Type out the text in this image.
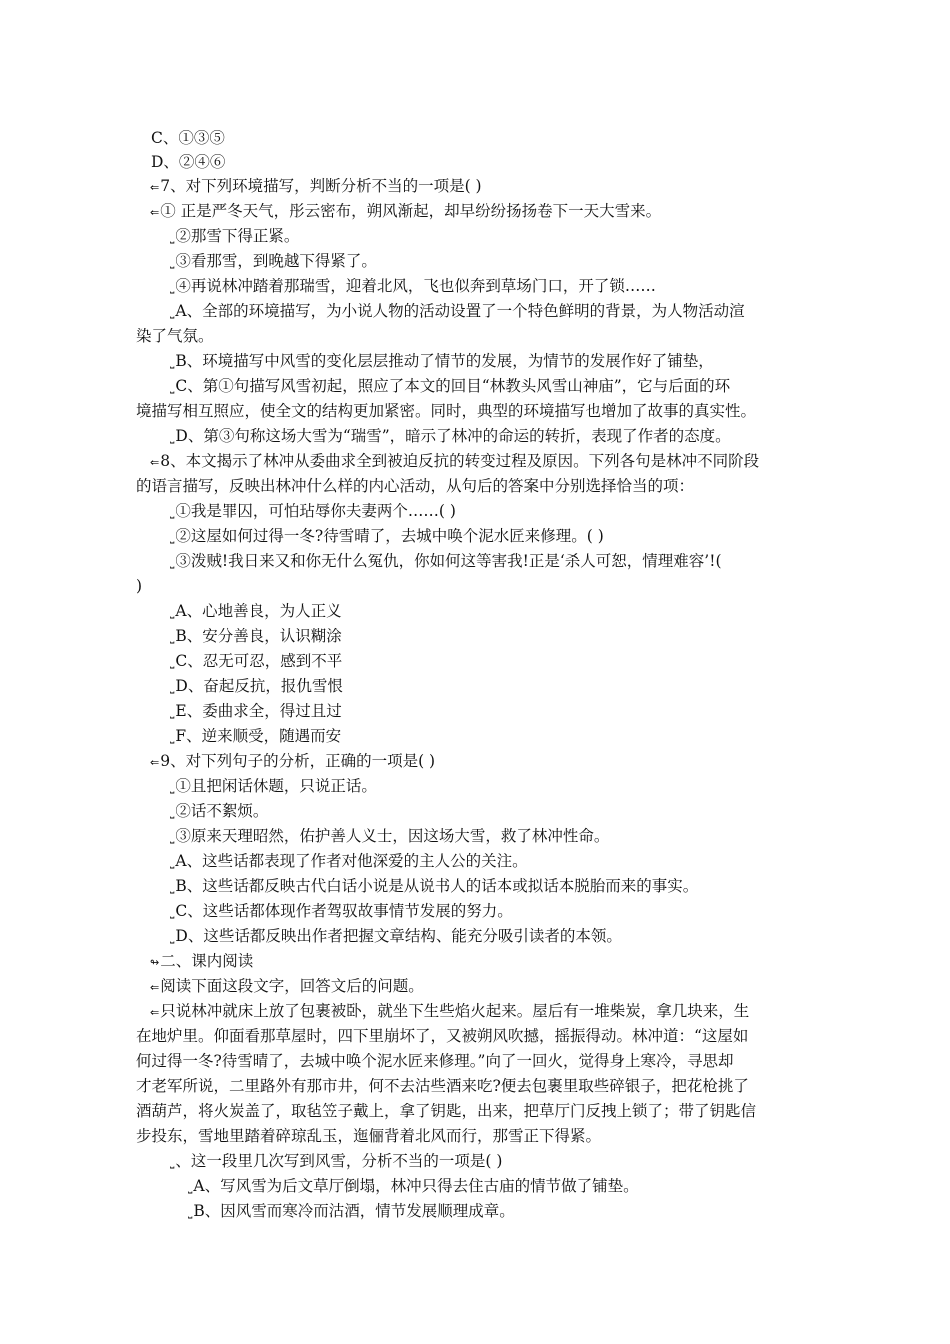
C、①③⑤
D、②④⑥
⇐7、对下列环境描写，判断分析不当的一项是( )
⇐① 正是严冬天气，彤云密布，朔风渐起，却早纷纷扬扬卷下一天大雪来。
⎵②那雪下得正紧。
⎵③看那雪，到晚越下得紧了。
⎵④再说林冲踏着那瑞雪，迎着北风，飞也似奔到草场门口，开了锁……
⎵A、全部的环境描写，为小说人物的活动设置了一个特色鲜明的背景，为人物活动渲
染了气氛。
⎵B、环境描写中风雪的变化层层推动了情节的发展，为情节的发展作好了铺垫，
⎵C、第①句描写风雪初起，照应了本文的回目“林教头风雪山神庙”，它与后面的环
境描写相互照应，使全文的结构更加紧密。同时，典型的环境描写也增加了故事的真实性。
⎵D、第③句称这场大雪为“瑞雪”，暗示了林冲的命运的转折，表现了作者的态度。
⇐8、本文揭示了林冲从委曲求全到被迫反抗的转变过程及原因。下列各句是林冲不同阶段
的语言描写，反映出林冲什么样的内心活动，从句后的答案中分别选择恰当的项：
⎵①我是罪囚，可怕玷辱你夫妻两个……( )
⎵②这屋如何过得一冬?待雪晴了，去城中唤个泥水匠来修理。( )
⎵③泼贼!我日来又和你无什么冤仇，你如何这等害我!正是‘杀人可恕，情理难容’!(
)
⎵A、心地善良，为人正义
⎵B、安分善良，认识糊涂
⎵C、忍无可忍，感到不平
⎵D、奋起反抗，报仇雪恨
⎵E、委曲求全，得过且过
⎵F、逆来顺受，随遇而安
⇐9、对下列句子的分析，正确的一项是( )
⎵①且把闲话休题，只说正话。
⎵②话不絮烦。
⎵③原来天理昭然，佑护善人义士，因这场大雪，救了林冲性命。
⎵A、这些话都表现了作者对他深爱的主人公的关注。
⎵B、这些话都反映古代白话小说是从说书人的话本或拟话本脱胎而来的事实。
⎵C、这些话都体现作者驾驭故事情节发展的努力。
⎵D、这些话都反映出作者把握文章结构、能充分吸引读者的本领。
↬二、课内阅读
⇐阅读下面这段文字，回答文后的问题。
⇐只说林冲就床上放了包裹被卧，就坐下生些焰火起来。屋后有一堆柴炭，拿几块来，生
在地炉里。仰面看那草屋时，四下里崩坏了，又被朔风吹撼，摇振得动。林冲道：“这屋如
何过得一冬?待雪晴了，去城中唤个泥水匠来修理。”向了一回火，觉得身上寒冷，寻思却
才老军所说，二里路外有那市井，何不去沽些酒来吃?便去包裹里取些碎银子，把花枪挑了
酒葫芦，将火炭盖了，取毡笠子戴上，拿了钥匙，出来，把草厅门反拽上锁了；带了钥匙信
步投东，雪地里踏着碎琼乱玉，迤俪背着北风而行，那雪正下得紧。
⎵、这一段里几次写到风雪，分析不当的一项是( )
⎵A、写风雪为后文草厅倒塌，林冲只得去住古庙的情节做了铺垫。
⎵B、因风雪而寒冷而沽酒，情节发展顺理成章。
